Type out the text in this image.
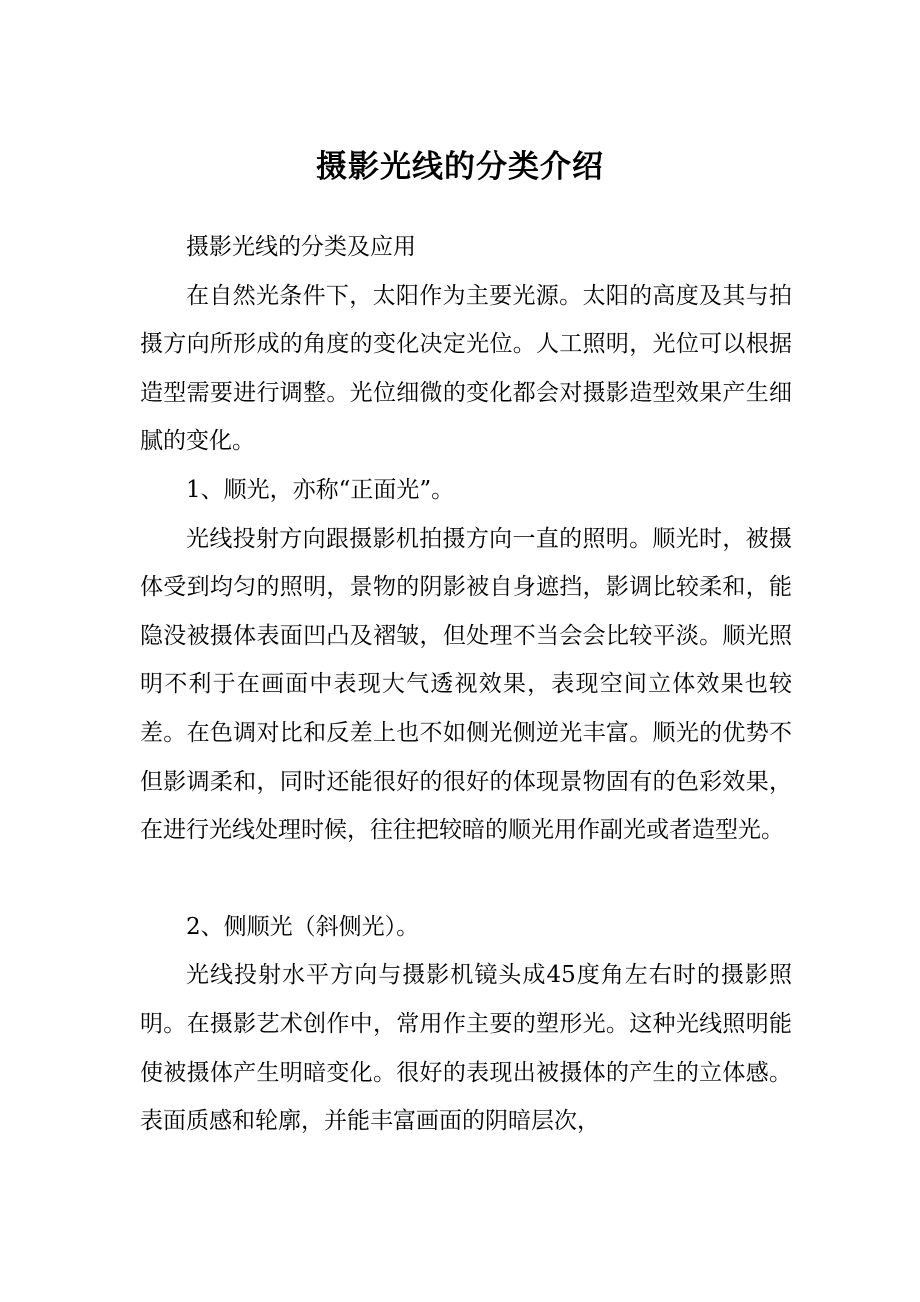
摄影光线的分类介绍

摄影光线的分类及应用

在自然光条件下，太阳作为主要光源。太阳的高度及其与拍摄方向所形成的角度的变化决定光位。人工照明，光位可以根据造型需要进行调整。光位细微的变化都会对摄影造型效果产生细腻的变化。

1、顺光，亦称“正面光”。

光线投射方向跟摄影机拍摄方向一直的照明。顺光时，被摄体受到均匀的照明，景物的阴影被自身遮挡，影调比较柔和，能隐没被摄体表面凹凸及褶皱，但处理不当会会比较平淡。顺光照明不利于在画面中表现大气透视效果，表现空间立体效果也较差。在色调对比和反差上也不如侧光侧逆光丰富。顺光的优势不但影调柔和，同时还能很好的很好的体现景物固有的色彩效果，在进行光线处理时候，往往把较暗的顺光用作副光或者造型光。

2、侧顺光（斜侧光）。

光线投射水平方向与摄影机镜头成45度角左右时的摄影照明。在摄影艺术创作中，常用作主要的塑形光。这种光线照明能使被摄体产生明暗变化。很好的表现出被摄体的产生的立体感。表面质感和轮廓，并能丰富画面的阴暗层次，
